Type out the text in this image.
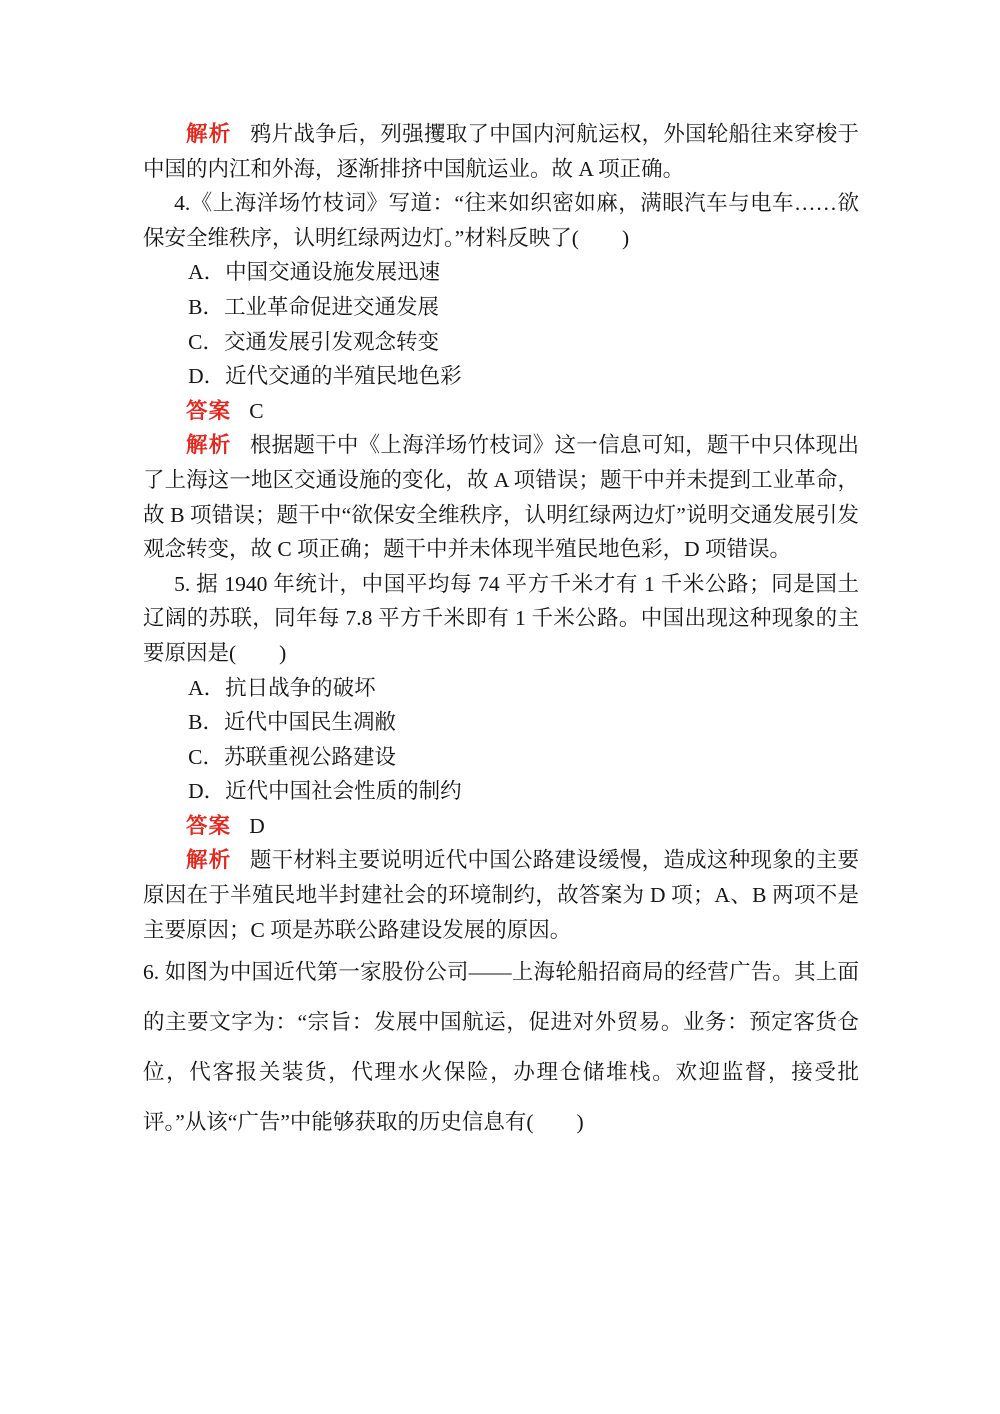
解析 鸦片战争后，列强攫取了中国内河航运权，外国轮船往来穿梭于中国的内江和外海，逐渐排挤中国航运业。故 A 项正确。

4.《上海洋场竹枝词》写道：“往来如织密如麻，满眼汽车与电车……欲保安全维秩序，认明红绿两边灯。”材料反映了(　　)

A．中国交通设施发展迅速

B．工业革命促进交通发展

C．交通发展引发观念转变

D．近代交通的半殖民地色彩

答案 C

解析 根据题干中《上海洋场竹枝词》这一信息可知，题干中只体现出了上海这一地区交通设施的变化，故 A 项错误；题干中并未提到工业革命，故 B 项错误；题干中“欲保安全维秩序，认明红绿两边灯”说明交通发展引发观念转变，故 C 项正确；题干中并未体现半殖民地色彩，D 项错误。

5. 据 1940 年统计，中国平均每 74 平方千米才有 1 千米公路；同是国土辽阔的苏联，同年每 7.8 平方千米即有 1 千米公路。中国出现这种现象的主要原因是(　　)

A．抗日战争的破坏

B．近代中国民生凋敝

C．苏联重视公路建设

D．近代中国社会性质的制约

答案 D

解析 题干材料主要说明近代中国公路建设缓慢，造成这种现象的主要原因在于半殖民地半封建社会的环境制约，故答案为 D 项；A、B 两项不是主要原因；C 项是苏联公路建设发展的原因。

6. 如图为中国近代第一家股份公司——上海轮船招商局的经营广告。其上面的主要文字为：“宗旨：发展中国航运，促进对外贸易。业务：预定客货仓位，代客报关装货，代理水火保险，办理仓储堆栈。欢迎监督，接受批评。”从该“广告”中能够获取的历史信息有(　　)
